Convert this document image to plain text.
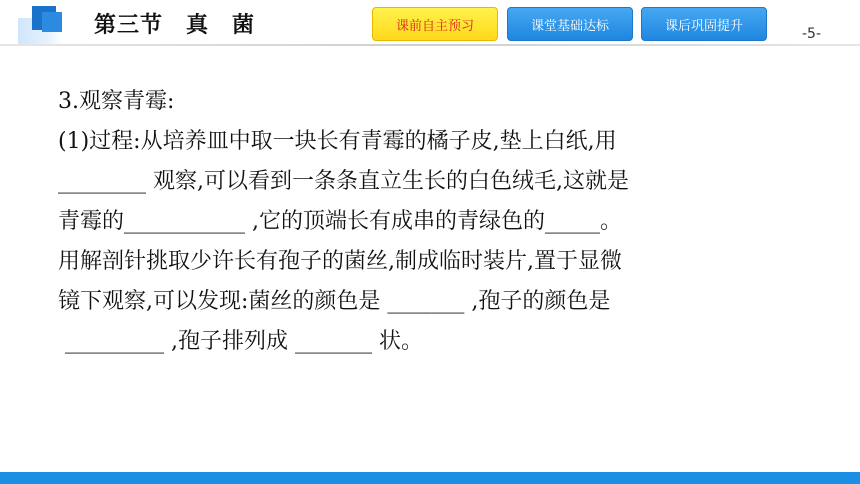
第三节　真　菌	课前自主预习	课堂基础达标	课后巩固提升	-5-
3.观察青霉:
(1)过程:从培养皿中取一块长有青霉的橘子皮,垫上白纸,用
________ 观察,可以看到一条条直立生长的白色绒毛,这就是
青霉的___________ ,它的顶端长有成串的青绿色的_____。
用解剖针挑取少许长有孢子的菌丝,制成临时装片,置于显微
镜下观察,可以发现:菌丝的颜色是 _______ ,孢子的颜色是
_________ ,孢子排列成 _______ 状。
